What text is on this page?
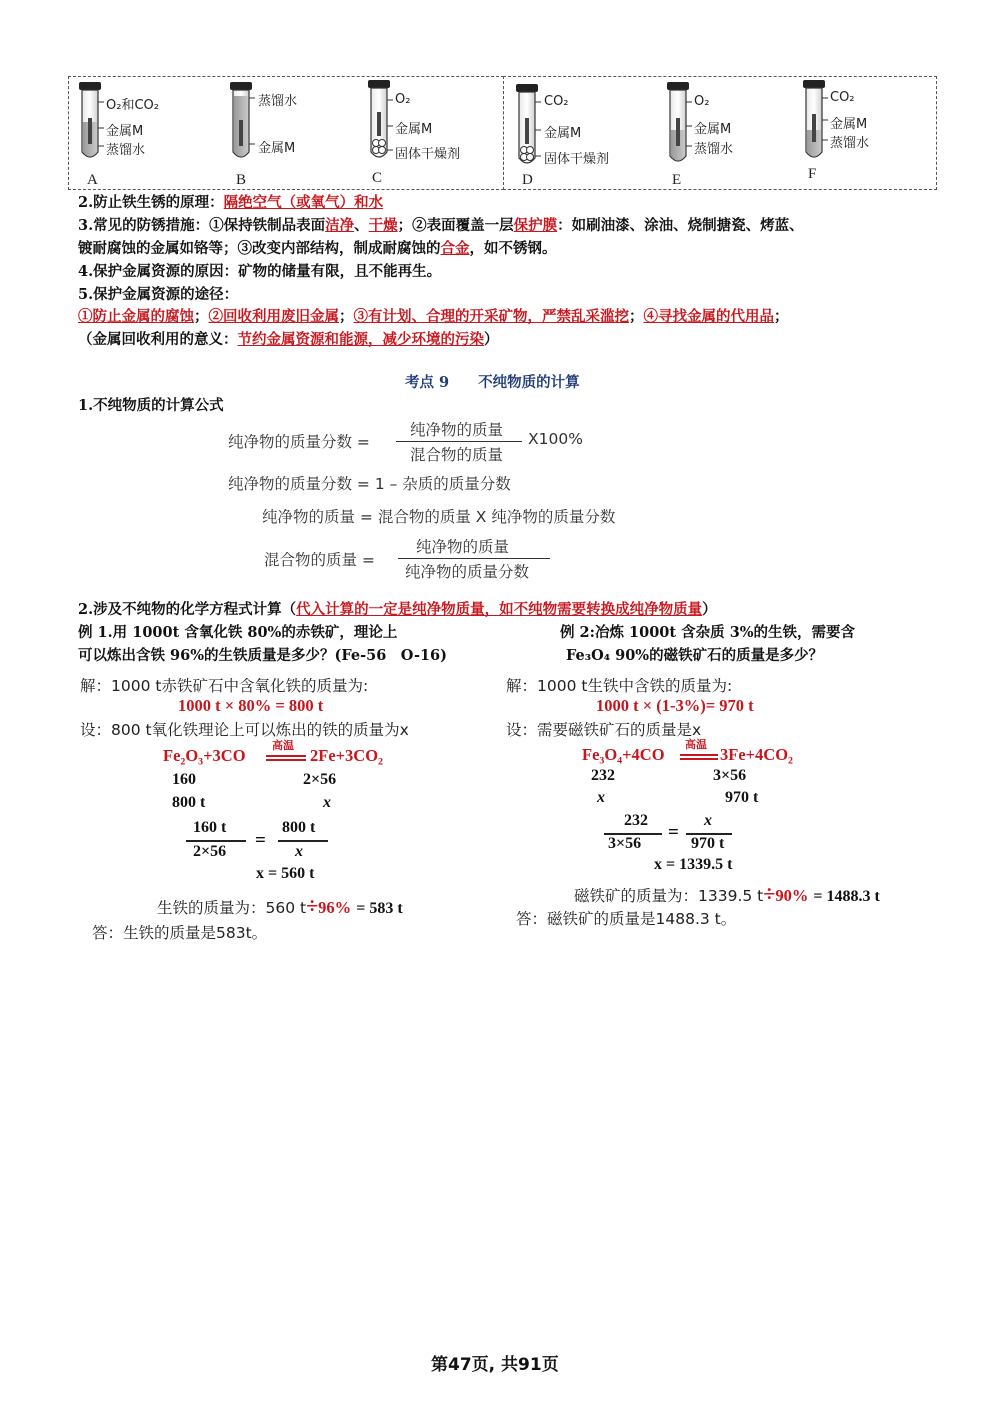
O₂和CO₂
金属M
蒸馏水
A
蒸馏水
金属M
B
O₂
金属M
固体干燥剂
C
CO₂
金属M
固体干燥剂
D
O₂
金属M
蒸馏水
E
CO₂
金属M
蒸馏水
F
2.防止铁生锈的原理：隔绝空气（或氧气）和水
3.常见的防锈措施：①保持铁制品表面洁净、干燥；②表面覆盖一层保护膜：如刷油漆、涂油、烧制搪瓷、烤蓝、
镀耐腐蚀的金属如铬等；③改变内部结构，制成耐腐蚀的合金，如不锈钢。
4.保护金属资源的原因：矿物的储量有限，且不能再生。
5.保护金属资源的途径：
①防止金属的腐蚀；②回收利用废旧金属；③有计划、合理的开采矿物，严禁乱采滥挖；④寻找金属的代用品；
（金属回收利用的意义：节约金属资源和能源，减少环境的污染）
考点 9　　不纯物质的计算
1.不纯物质的计算公式
纯净物的质量分数 =
纯净物的质量
混合物的质量
X100%
纯净物的质量分数 = 1 – 杂质的质量分数
纯净物的质量 = 混合物的质量 X 纯净物的质量分数
混合物的质量 =
纯净物的质量
纯净物的质量分数
2.涉及不纯物的化学方程式计算（代入计算的一定是纯净物质量，如不纯物需要转换成纯净物质量）
例 1.用 1000t 含氧化铁 80%的赤铁矿，理论上
可以炼出含铁 96%的生铁质量是多少？(Fe-56　O-16)
解：1000 t赤铁矿石中含氧化铁的质量为:
1000 t × 80% = 800 t
设：800 t氧化铁理论上可以炼出的铁的质量为x
Fe₂O₃+3CO
高温
2Fe+3CO₂
160	2×56
800 t	x
160 t
2×56
=
800 t
x
x = 560 t
生铁的质量为：560 t÷96% = 583 t
答：生铁的质量是583t。
例 2:冶炼 1000t 含杂质 3%的生铁，需要含
Fe₃O₄ 90%的磁铁矿石的质量是多少？
解：1000 t生铁中含铁的质量为:
1000 t × (1-3%)= 970 t
设：需要磁铁矿石的质量是x
Fe₃O₄+4CO
高温
3Fe+4CO₂
232	3×56
x	970 t
232
3×56
=
x
970 t
x = 1339.5 t
磁铁矿的质量为：1339.5 t÷90% = 1488.3 t
答：磁铁矿的质量是1488.3 t。
第47页, 共91页
